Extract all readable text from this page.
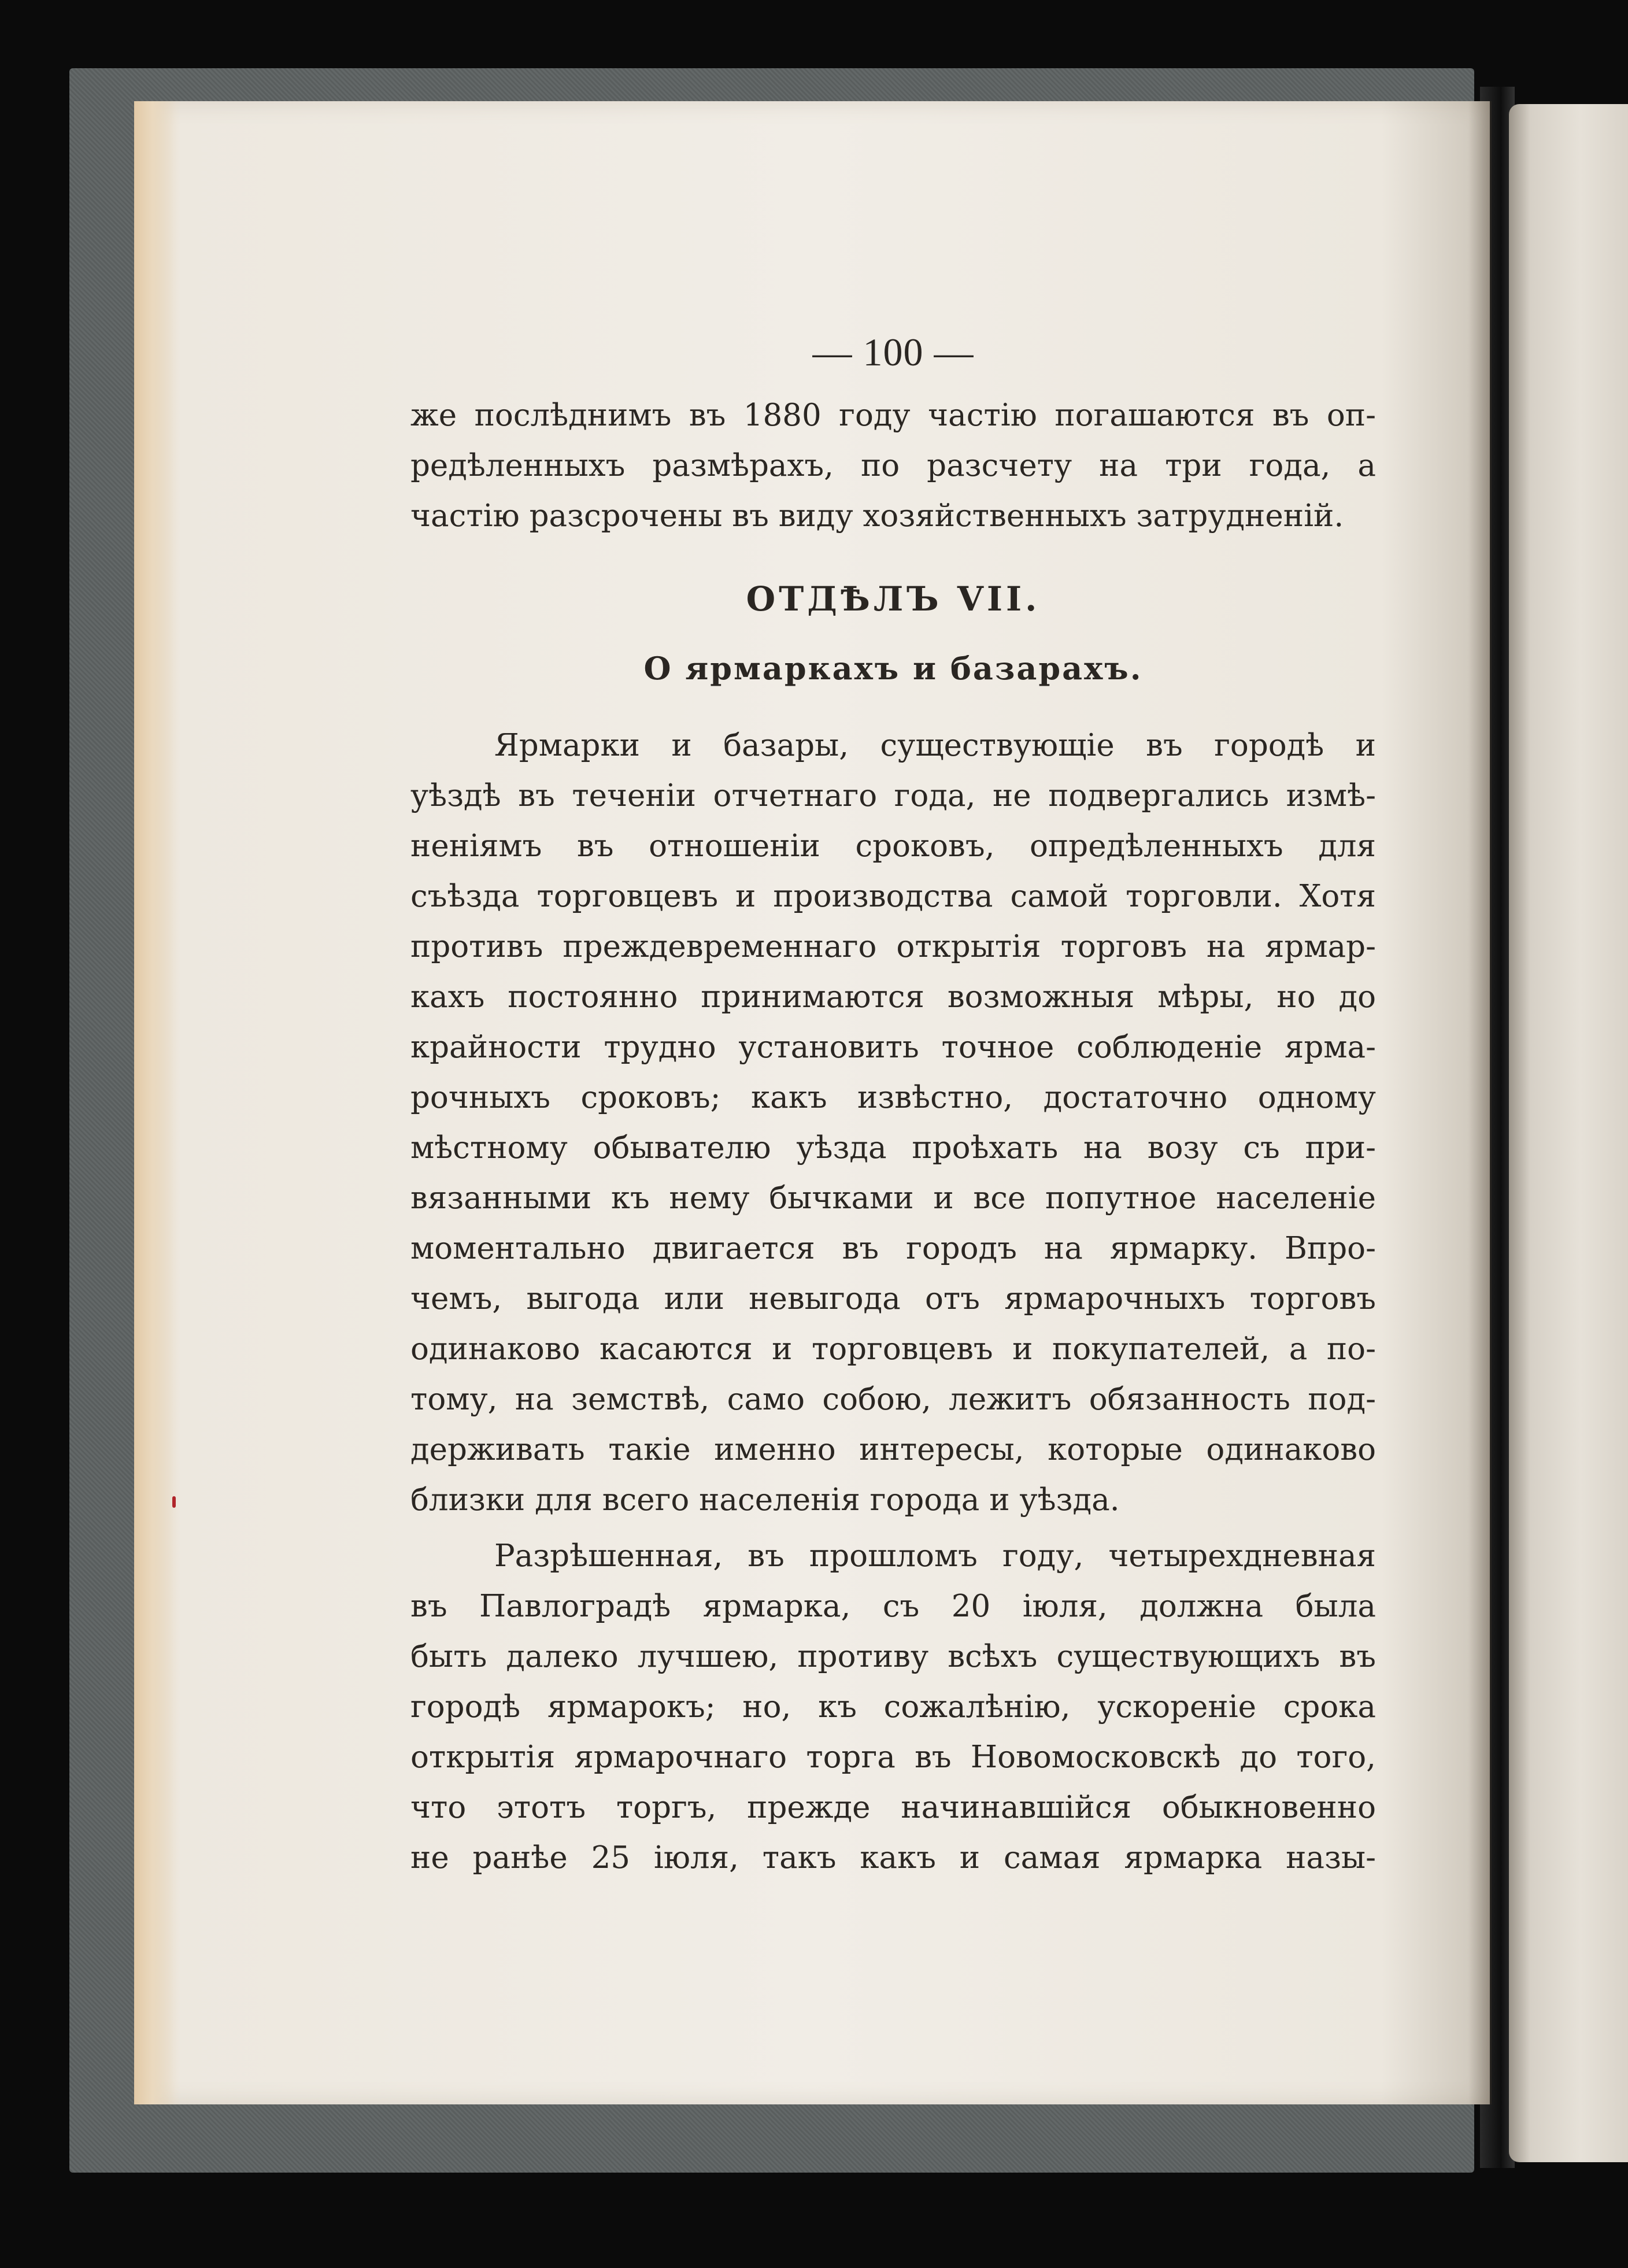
— 100 —
же послѣднимъ въ 1880 году частію погашаются въ оп-
редѣленныхъ размѣрахъ, по разсчету на три года, а
частію разсрочены въ виду хозяйственныхъ затрудненій.
ОТДѢЛЪ VII.
О ярмаркахъ и базарахъ.
Ярмарки и базары, существующіе въ городѣ и
уѣздѣ въ теченіи отчетнаго года, не подвергались измѣ-
неніямъ въ отношеніи сроковъ, опредѣленныхъ для
съѣзда торговцевъ и производства самой торговли. Хотя
противъ преждевременнаго открытія торговъ на ярмар-
кахъ постоянно принимаются возможныя мѣры, но до
крайности трудно установить точное соблюденіе ярма-
рочныхъ сроковъ; какъ извѣстно, достаточно одному
мѣстному обывателю уѣзда проѣхать на возу съ при-
вязанными къ нему бычками и все попутное населеніе
моментально двигается въ городъ на ярмарку. Впро-
чемъ, выгода или невыгода отъ ярмарочныхъ торговъ
одинаково касаются и торговцевъ и покупателей, а по-
тому, на земствѣ, само собою, лежитъ обязанность под-
держивать такіе именно интересы, которые одинаково
близки для всего населенія города и уѣзда.
Разрѣшенная, въ прошломъ году, четырехдневная
въ Павлоградѣ ярмарка, съ 20 іюля, должна была
быть далеко лучшею, противу всѣхъ существующихъ въ
городѣ ярмарокъ; но, къ сожалѣнію, ускореніе срока
открытія ярмарочнаго торга въ Новомосковскѣ до того,
что этотъ торгъ, прежде начинавшійся обыкновенно
не ранѣе 25 іюля, такъ какъ и самая ярмарка назы-
